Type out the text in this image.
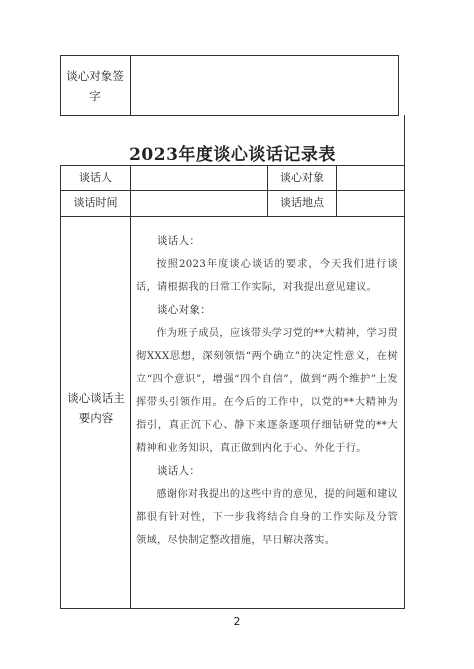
谈心对象签字
2023年度谈心谈话记录表
谈话人	谈心对象
谈话时间	谈话地点
谈心谈话主要内容

谈话人：

按照2023年度谈心谈话的要求，今天我们进行谈话，请根据我的日常工作实际，对我提出意见建议。

谈心对象：

作为班子成员，应该带头学习党的**大精神，学习贯彻XXX思想，深刻领悟“两个确立”的决定性意义，在树立“四个意识”，增强“四个自信”，做到“两个维护”上发挥带头引领作用。在今后的工作中，以党的**大精神为指引，真正沉下心、静下来逐条逐项仔细钻研党的**大精神和业务知识，真正做到内化于心、外化于行。

谈话人：

感谢你对我提出的这些中肯的意见，提的问题和建议都很有针对性，下一步我将结合自身的工作实际及分管领域，尽快制定整改措施，早日解决落实。

2
